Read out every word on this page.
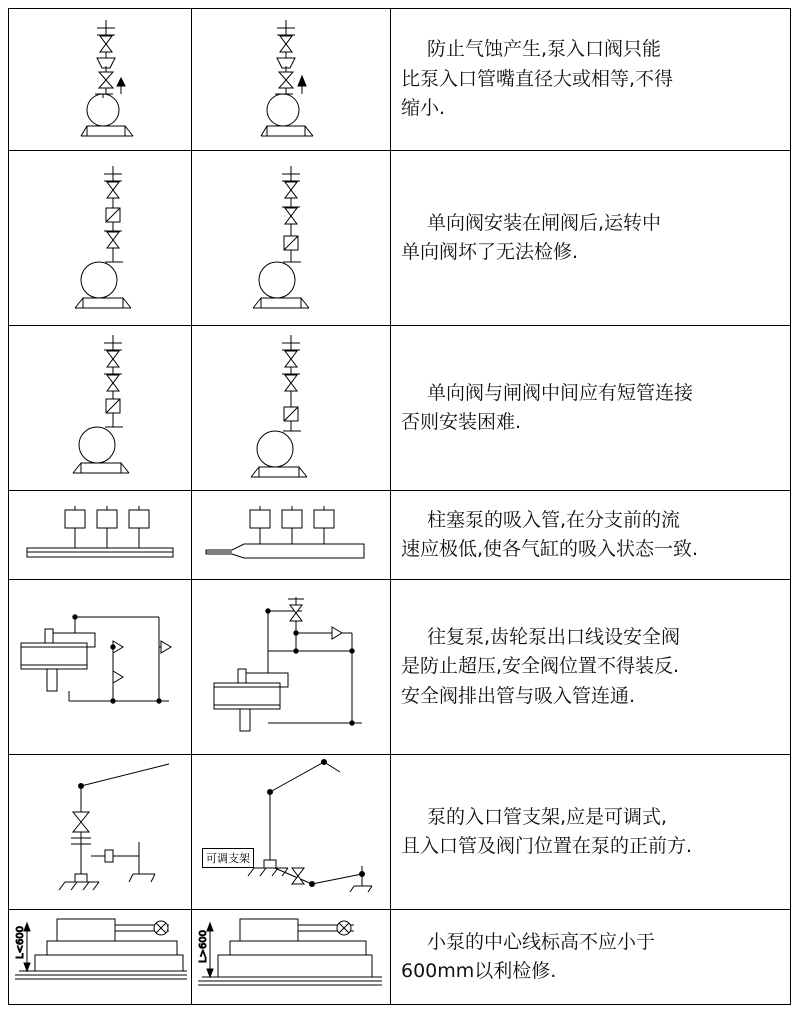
防止气蚀产生,泵入口阀只能
比泵入口管嘴直径大或相等,不得
缩小.

单向阀安装在闸阀后,运转中
单向阀坏了无法检修.

单向阀与闸阀中间应有短管连接
否则安装困难.

柱塞泵的吸入管,在分支前的流
速应极低,使各气缸的吸入状态一致.

往复泵,齿轮泵出口线设安全阀
是防止超压,安全阀位置不得装反.
安全阀排出管与吸入管连通.

可调支架	泵的入口管支架,应是可调式,
且入口管及阀门位置在泵的正前方.

L<600	L>600	小泵的中心线标高不应小于
600mm以利检修.
